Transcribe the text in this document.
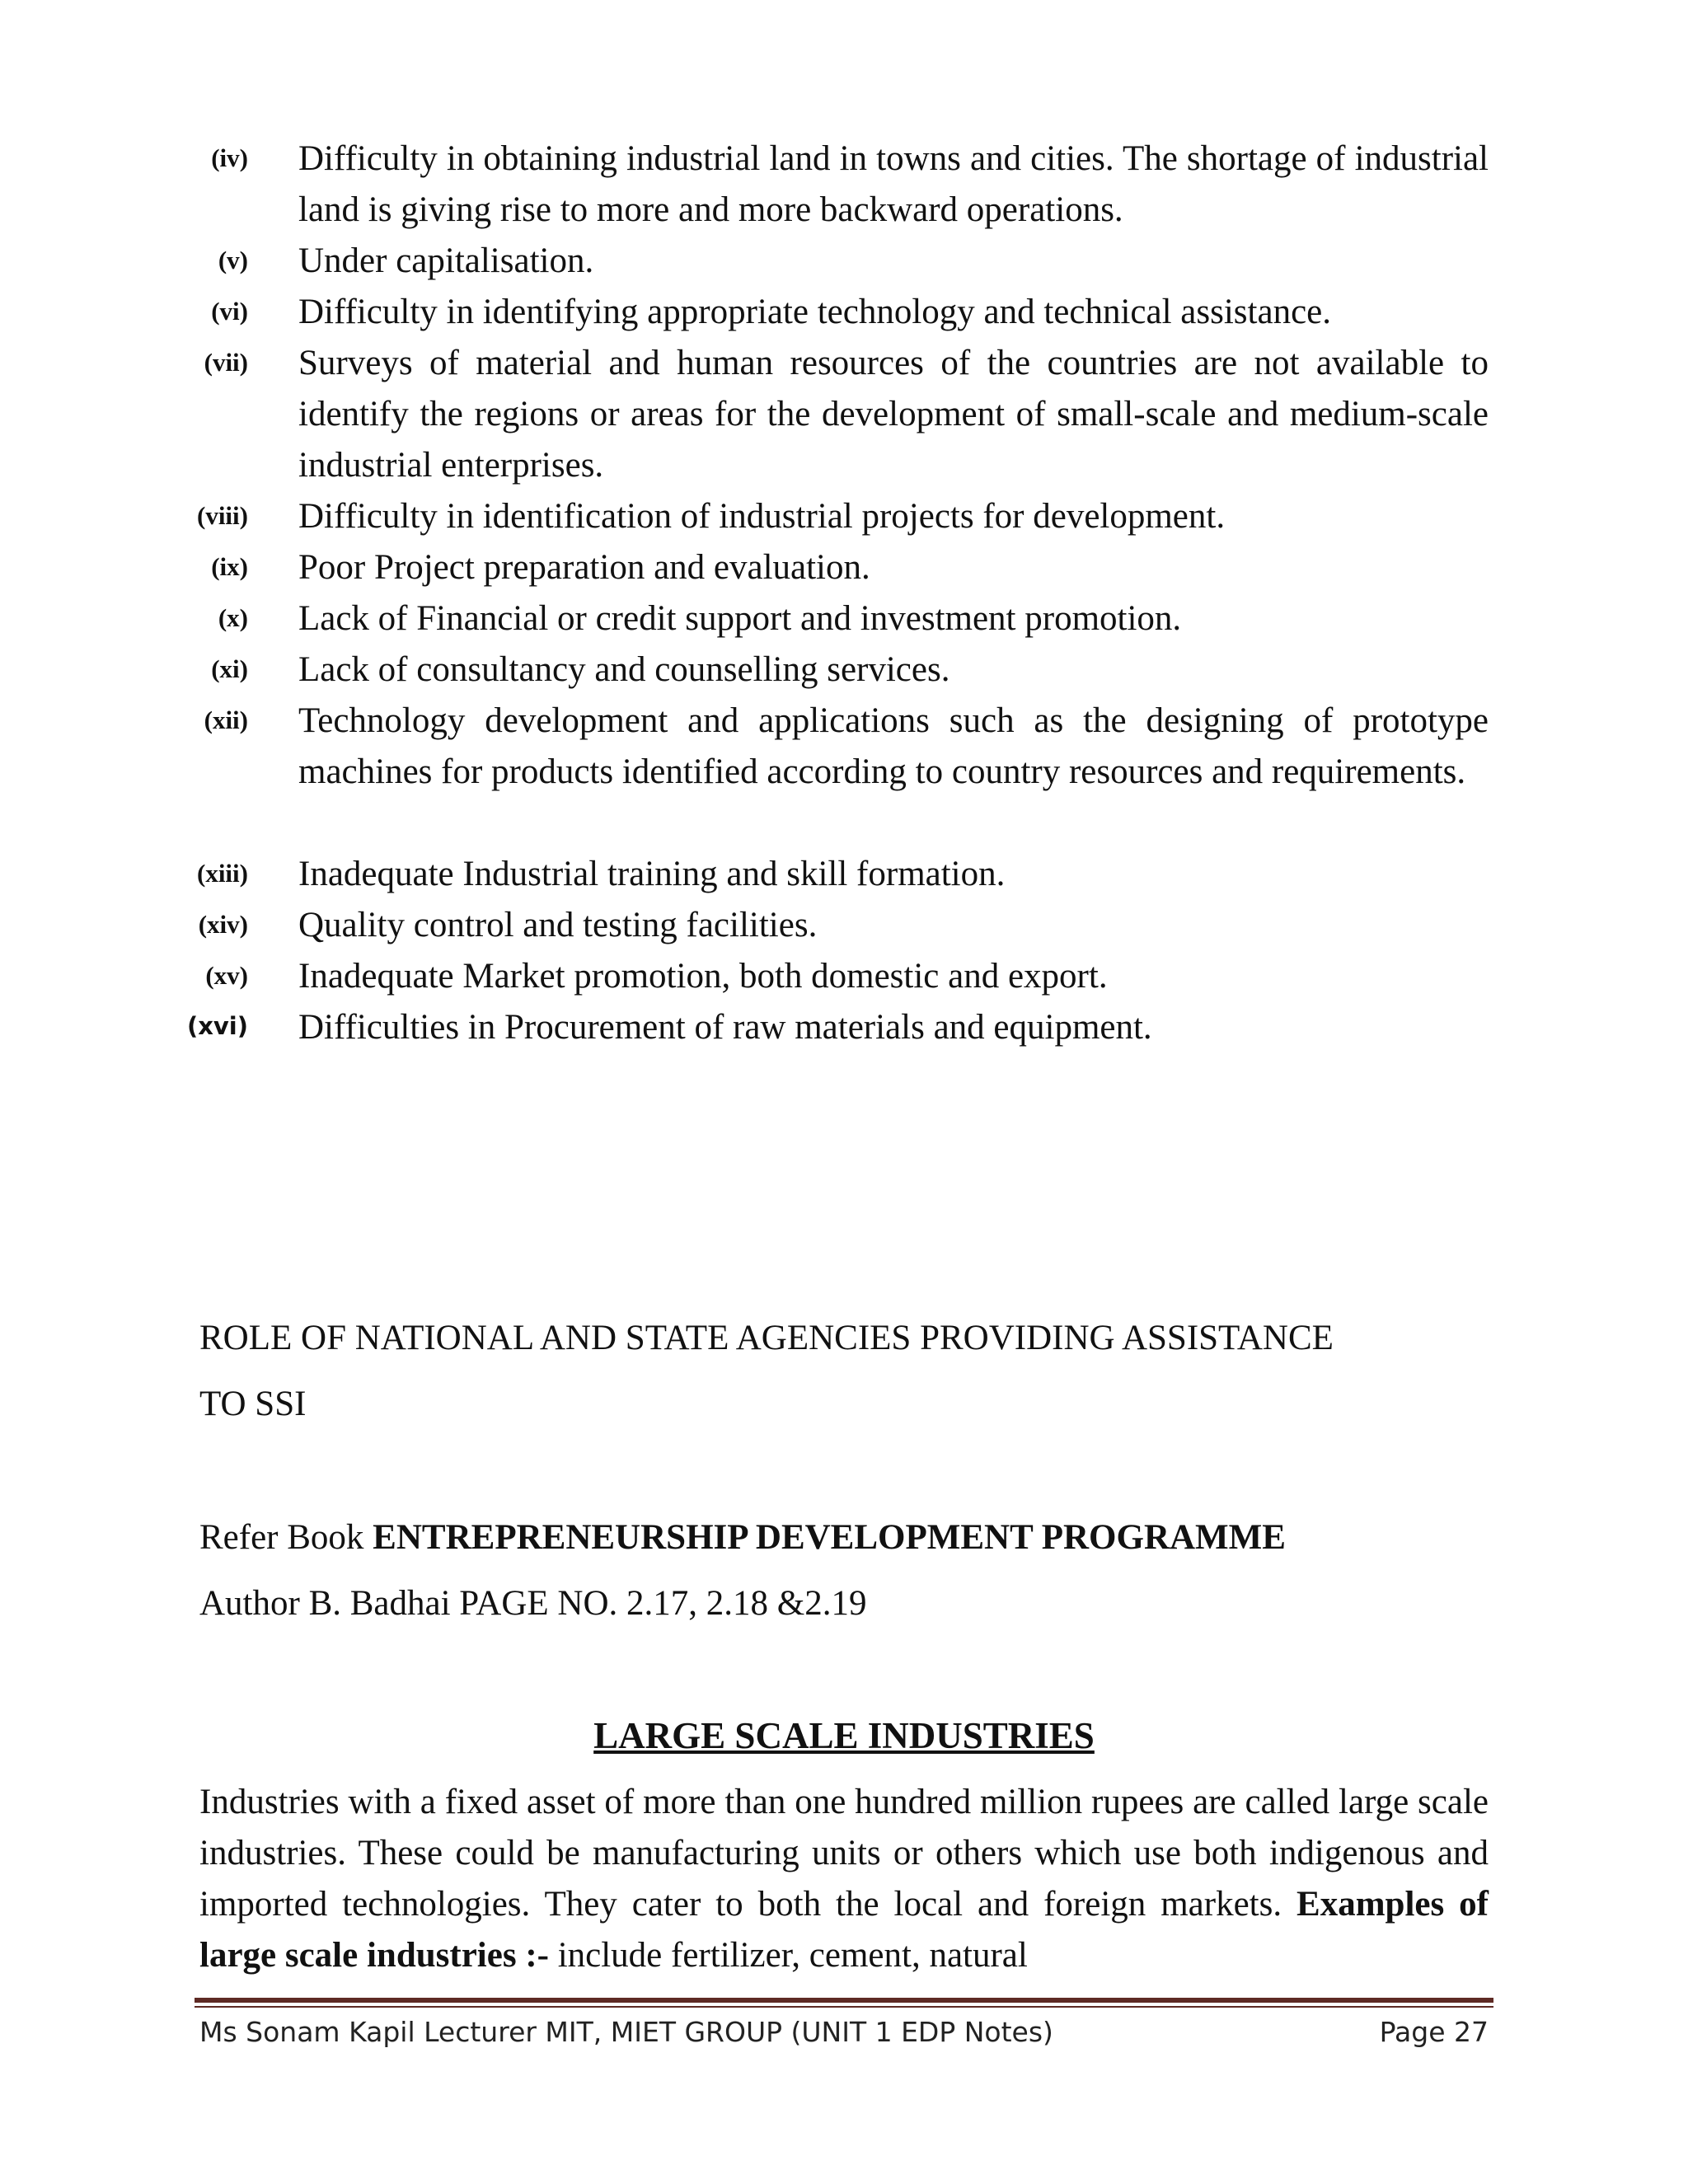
(iv) Difficulty in obtaining industrial land in towns and cities. The shortage of industrial land is giving rise to more and more backward operations.
(v) Under capitalisation.
(vi) Difficulty in identifying appropriate technology and technical assistance.
(vii) Surveys of material and human resources of the countries are not available to identify the regions or areas for the development of small-scale and medium-scale industrial enterprises.
(viii) Difficulty in identification of industrial projects for development.
(ix) Poor Project preparation and evaluation.
(x) Lack of Financial or credit support and investment promotion.
(xi) Lack of consultancy and counselling services.
(xii) Technology development and applications such as the designing of prototype machines for products identified according to country resources and requirements.
(xiii) Inadequate Industrial training and skill formation.
(xiv) Quality control and testing facilities.
(xv) Inadequate Market promotion, both domestic and export.
(xvi) Difficulties in Procurement of raw materials and equipment.
ROLE OF NATIONAL AND STATE AGENCIES PROVIDING ASSISTANCE
TO SSI
Refer Book ENTREPRENEURSHIP DEVELOPMENT PROGRAMME
Author B. Badhai PAGE NO. 2.17, 2.18 &2.19
LARGE SCALE INDUSTRIES
Industries with a fixed asset of more than one hundred million rupees are called large scale industries. These could be manufacturing units or others which use both indigenous and imported technologies. They cater to both the local and foreign markets. Examples of large scale industries :- include fertilizer, cement, natural
Ms Sonam Kapil Lecturer MIT, MIET GROUP (UNIT 1 EDP Notes)	Page 27
